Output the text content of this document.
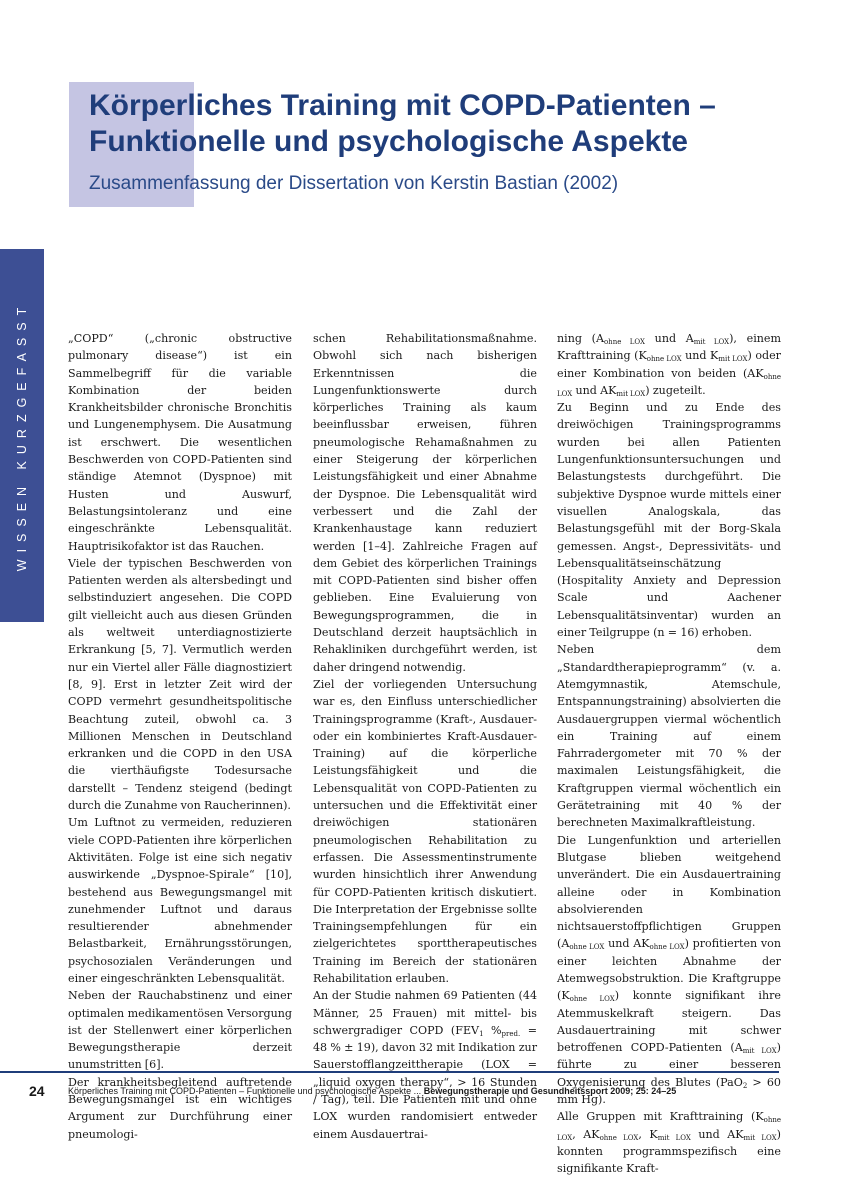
Körperliches Training mit COPD-Patienten –
Funktionelle und psychologische Aspekte

Zusammenfassung der Dissertation von Kerstin Bastian (2002)

WISSEN KURZGEFASST	„COPD“ („chronic obstructive pulmonary disease“) ist ein Sammelbegriff für die variable Kombination der beiden Krankheitsbilder chronische Bronchitis und Lungenemphysem. Die Ausatmung ist erschwert. Die wesentlichen Beschwerden von COPD-Patienten sind ständige Atemnot (Dyspnoe) mit Husten und Auswurf, Belastungsintoleranz und eine eingeschränkte Lebensqualität. Hauptrisikofaktor ist das Rauchen.

Viele der typischen Beschwerden von Patienten werden als altersbedingt und selbstinduziert angesehen. Die COPD gilt vielleicht auch aus diesen Gründen als weltweit unterdiagnostizierte Erkrankung [5, 7]. Vermutlich werden nur ein Viertel aller Fälle diagnostiziert [8, 9]. Erst in letzter Zeit wird der COPD vermehrt gesundheitspolitische Beachtung zuteil, obwohl ca. 3 Millionen Menschen in Deutschland erkranken und die COPD in den USA die vierthäufigste Todesursache darstellt – Tendenz steigend (bedingt durch die Zunahme von Raucherinnen).

Um Luftnot zu vermeiden, reduzieren viele COPD-Patienten ihre körperlichen Aktivitäten. Folge ist eine sich negativ auswirkende „Dyspnoe-Spirale“ [10], bestehend aus Bewegungsmangel mit zunehmender Luftnot und daraus resultierender abnehmender Belastbarkeit, Ernährungsstörungen, psychosozialen Veränderungen und einer eingeschränkten Lebensqualität.

Neben der Rauchabstinenz und einer optimalen medikamentösen Versorgung ist der Stellenwert einer körperlichen Bewegungstherapie derzeit unumstritten [6].

Der krankheitsbegleitend auftretende Bewegungsmangel ist ein wichtiges Argument zur Durchführung einer pneumologi-

schen Rehabilitationsmaßnahme. Obwohl sich nach bisherigen Erkenntnissen die Lungenfunktionswerte durch körperliches Training als kaum beeinflussbar erweisen, führen pneumologische Rehamaßnahmen zu einer Steigerung der körperlichen Leistungsfähigkeit und einer Abnahme der Dyspnoe. Die Lebensqualität wird verbessert und die Zahl der Krankenhaustage kann reduziert werden [1–4]. Zahlreiche Fragen auf dem Gebiet des körperlichen Trainings mit COPD-Patienten sind bisher offen geblieben. Eine Evaluierung von Bewegungsprogrammen, die in Deutschland derzeit hauptsächlich in Rehakliniken durchgeführt werden, ist daher dringend notwendig.

Ziel der vorliegenden Untersuchung war es, den Einfluss unterschiedlicher Trainingsprogramme (Kraft-, Ausdauer- oder ein kombiniertes Kraft-Ausdauer-Training) auf die körperliche Leistungsfähigkeit und die Lebensqualität von COPD-Patienten zu untersuchen und die Effektivität einer dreiwöchigen stationären pneumologischen Rehabilitation zu erfassen. Die Assessmentinstrumente wurden hinsichtlich ihrer Anwendung für COPD-Patienten kritisch diskutiert. Die Interpretation der Ergebnisse sollte Trainingsempfehlungen für ein zielgerichtetes sporttherapeutisches Training im Bereich der stationären Rehabilitation erlauben.

An der Studie nahmen 69 Patienten (44 Männer, 25 Frauen) mit mittel- bis schwergradiger COPD ($FEV_1$ $\%_{pred.} = 48$ % ± 19), davon 32 mit Indikation zur Sauerstofflangzeittherapie (LOX = „liquid oxygen therapy“, > 16 Stunden / Tag), teil. Die Patienten mit und ohne LOX wurden randomisiert entweder einem Ausdauertrai-

ning ($A_{ohne LOX}$ und $A_{mit LOX}$), einem Krafttraining ($K_{ohne LOX}$ und $K_{mit LOX}$) oder einer Kombination von beiden ($AK_{ohne LOX}$ und $AK_{mit LOX}$) zugeteilt.

Zu Beginn und zu Ende des dreiwöchigen Trainingsprogramms wurden bei allen Patienten Lungenfunktionsuntersuchungen und Belastungstests durchgeführt. Die subjektive Dyspnoe wurde mittels einer visuellen Analogskala, das Belastungsgefühl mit der Borg-Skala gemessen. Angst-, Depressivitäts- und Lebensqualitätseinschätzung (Hospitality Anxiety and Depression Scale und Aachener Lebensqualitätsinventar) wurden an einer Teilgruppe (n = 16) erhoben.

Neben dem „Standardtherapieprogramm“ (v. a. Atemgymnastik, Atemschule, Entspannungstraining) absolvierten die Ausdauergruppen viermal wöchentlich ein Training auf einem Fahrradergometer mit 70 % der maximalen Leistungsfähigkeit, die Kraftgruppen viermal wöchentlich ein Gerätetraining mit 40 % der berechneten Maximalkraftleistung.

Die Lungenfunktion und arteriellen Blutgase blieben weitgehend unverändert. Die ein Ausdauertraining alleine oder in Kombination absolvierenden nichtsauerstoffpflichtigen Gruppen ($A_{ohne LOX}$ und $AK_{ohne LOX}$) profitierten von einer leichten Abnahme der Atemwegsobstruktion. Die Kraftgruppe $(K_{ohne LOX})$ konnte signifikant ihre Atemmuskelkraft steigern. Das Ausdauertraining mit schwer betroffenen COPD-Patienten $(A_{mit LOX})$ führte zu einer besseren Oxygenisierung des Blutes (PaO$_2$ > 60 mm Hg).

Alle Gruppen mit Krafttraining ($K_{ohne LOX}$, $AK_{ohne LOX}$, $K_{mit LOX}$ und $AK_{mit LOX}$) konnten programmspezifisch eine signifikante Kraft-

24	Körperliches Training mit COPD-Patienten – Funktionelle und psychologische Aspekte ... Bewegungstherapie und Gesundheitssport 2009; 25: 24–25
